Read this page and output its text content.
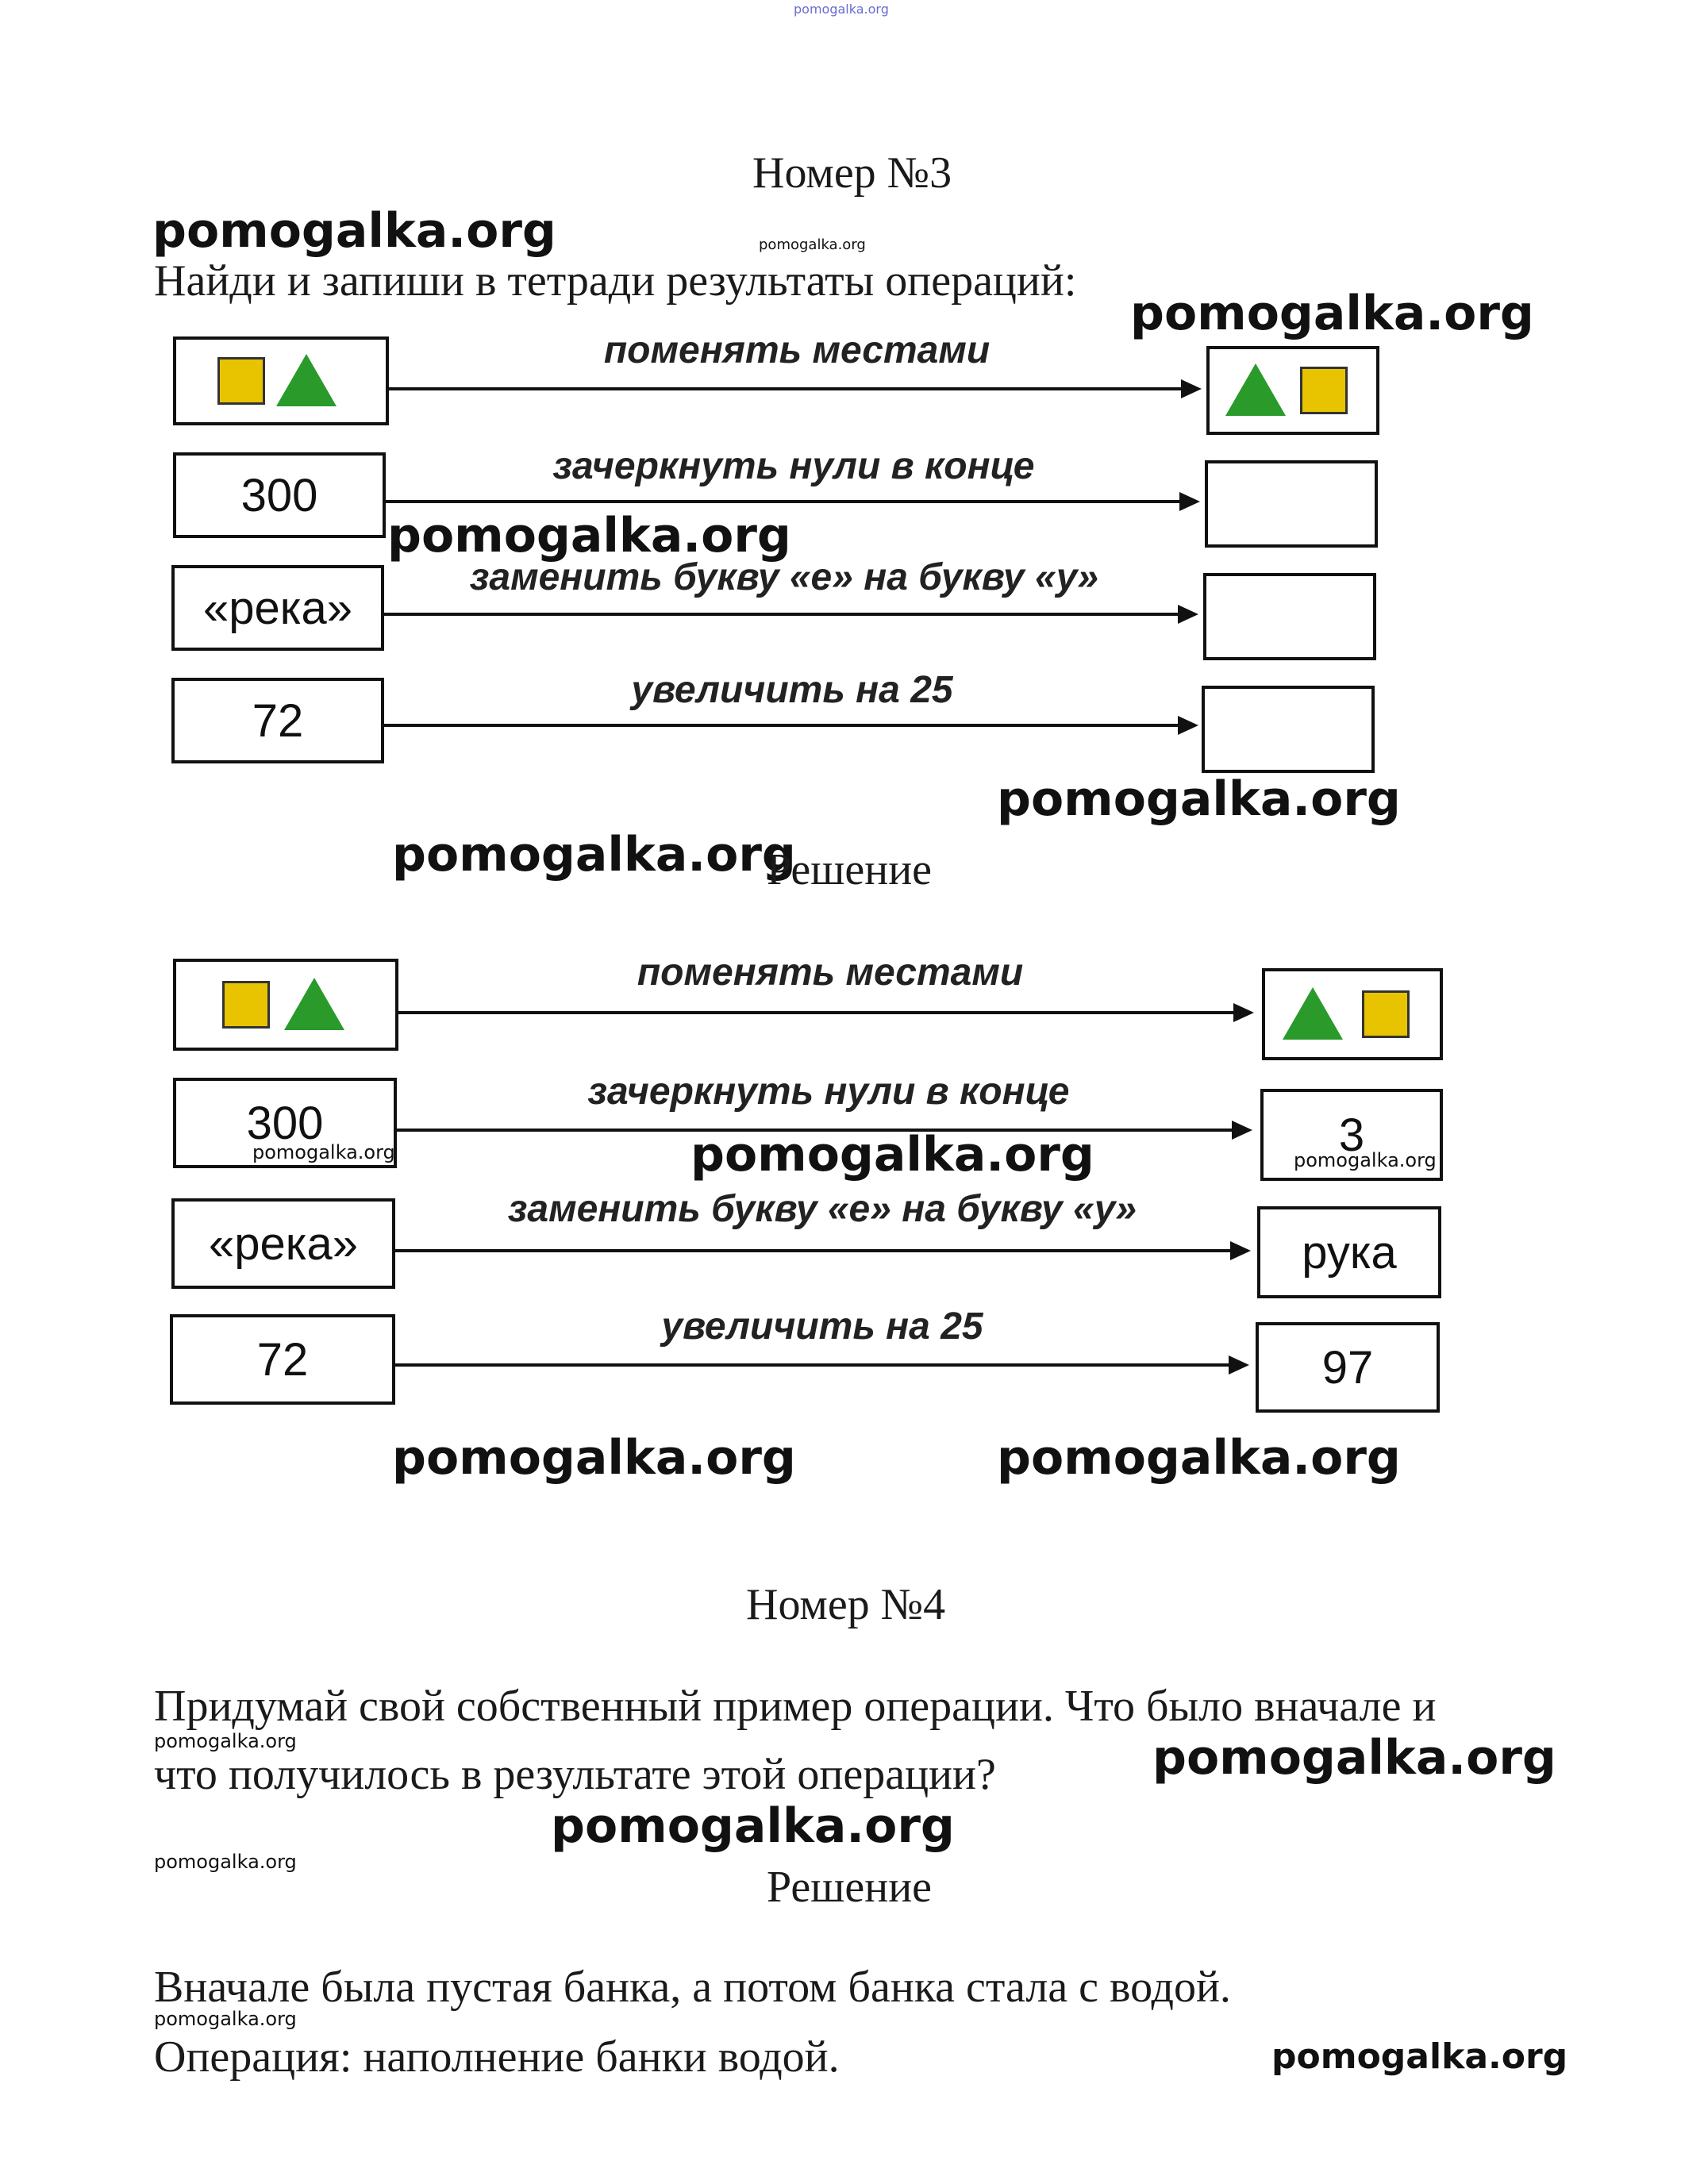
pomogalka.org
Номер №3
pomogalka.org	pomogalka.org
Найди и запиши в тетради результаты операций:
pomogalka.org
поменять местами
300
зачеркнуть нули в конце
pomogalka.org
«река»
заменить букву «е» на букву «у»
72
увеличить на 25
pomogalka.org
pomogalka.org
Решение
поменять местами
300
pomogalka.org
зачеркнуть нули в конце
3
pomogalka.org
pomogalka.org
«река»
заменить букву «е» на букву «у»
рука
72
увеличить на 25
97
pomogalka.org	pomogalka.org
Номер №4
Придумай свой собственный пример операции. Что было вначале и
pomogalka.org
что получилось в результате этой операции?	pomogalka.org
pomogalka.org
pomogalka.org
Решение
Вначале была пустая банка, а потом банка стала с водой.
pomogalka.org
Операция: наполнение банки водой.	pomogalka.org
